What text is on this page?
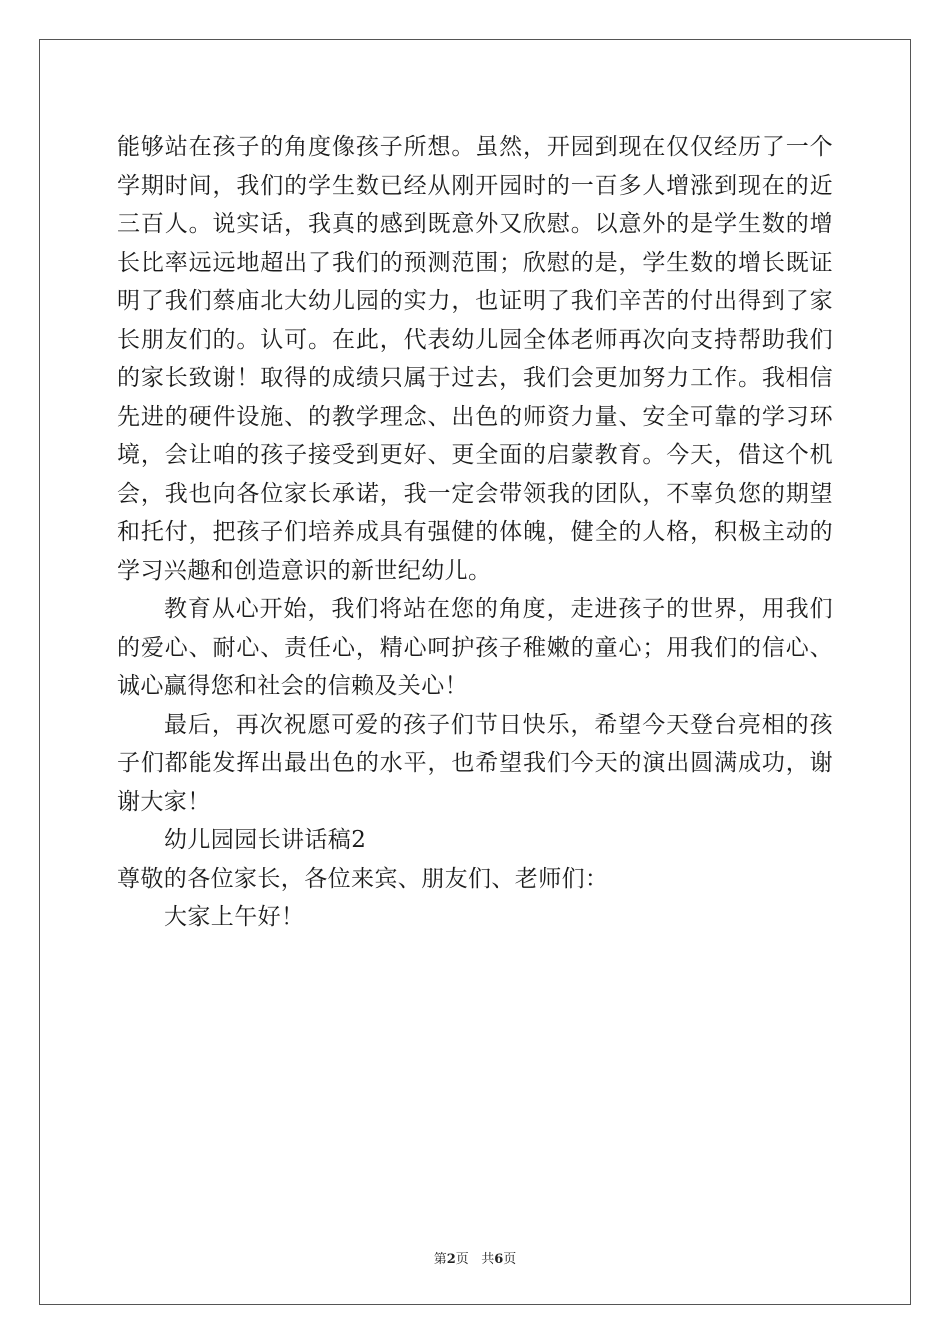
能够站在孩子的角度像孩子所想。虽然，开园到现在仅仅经历了一个学期时间，我们的学生数已经从刚开园时的一百多人增涨到现在的近三百人。说实话，我真的感到既意外又欣慰。以意外的是学生数的增长比率远远地超出了我们的预测范围；欣慰的是，学生数的增长既证明了我们蔡庙北大幼儿园的实力，也证明了我们辛苦的付出得到了家长朋友们的。认可。在此，代表幼儿园全体老师再次向支持帮助我们的家长致谢！取得的成绩只属于过去，我们会更加努力工作。我相信先进的硬件设施、的教学理念、出色的师资力量、安全可靠的学习环境，会让咱的孩子接受到更好、更全面的启蒙教育。今天，借这个机会，我也向各位家长承诺，我一定会带领我的团队，不辜负您的期望和托付，把孩子们培养成具有强健的体魄，健全的人格，积极主动的学习兴趣和创造意识的新世纪幼儿。

教育从心开始，我们将站在您的角度，走进孩子的世界，用我们的爱心、耐心、责任心，精心呵护孩子稚嫩的童心；用我们的信心、诚心赢得您和社会的信赖及关心！

最后，再次祝愿可爱的孩子们节日快乐，希望今天登台亮相的孩子们都能发挥出最出色的水平，也希望我们今天的演出圆满成功，谢谢大家！

幼儿园园长讲话稿2

尊敬的各位家长，各位来宾、朋友们、老师们：

大家上午好！

第2页 共6页
